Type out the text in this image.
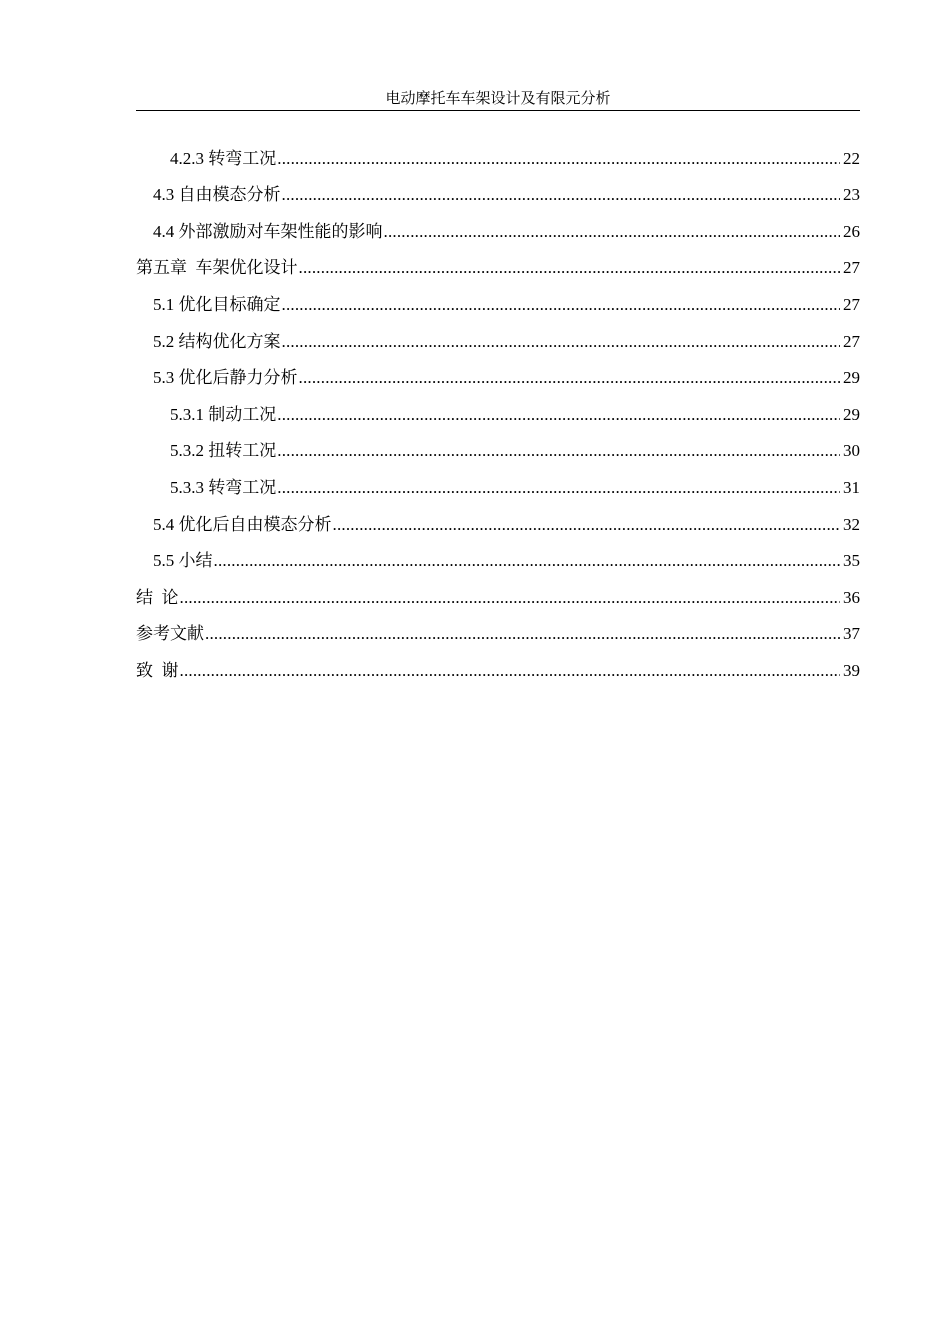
电动摩托车车架设计及有限元分析
4.2.3 转弯工况 .....	22
4.3 自由模态分析 .....	23
4.4 外部激励对车架性能的影响 .....	26
第五章  车架优化设计 .....	27
5.1 优化目标确定 .....	27
5.2 结构优化方案 .....	27
5.3 优化后静力分析 .....	29
5.3.1 制动工况 .....	29
5.3.2 扭转工况 .....	30
5.3.3 转弯工况 .....	31
5.4 优化后自由模态分析 .....	32
5.5 小结 .....	35
结  论 .....	36
参考文献 .....	37
致  谢 .....	39
